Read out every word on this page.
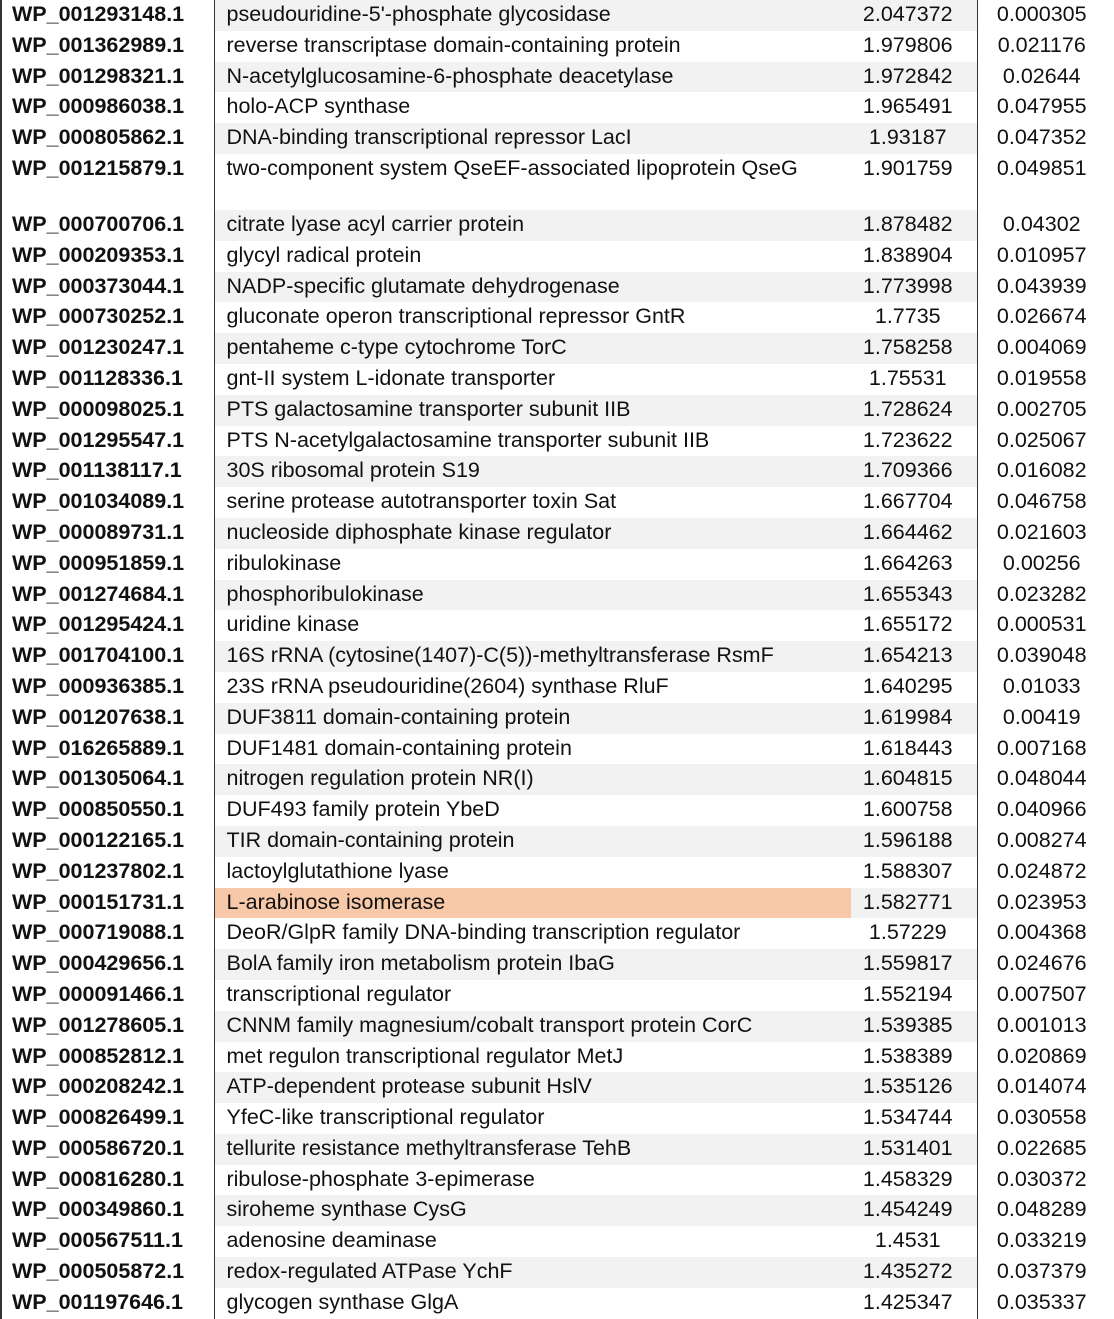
WP_001293148.1	pseudouridine-5'-phosphate glycosidase	2.047372	0.000305
WP_001362989.1	reverse transcriptase domain-containing protein	1.979806	0.021176
WP_001298321.1	N-acetylglucosamine-6-phosphate deacetylase	1.972842	0.02644
WP_000986038.1	holo-ACP synthase	1.965491	0.047955
WP_000805862.1	DNA-binding transcriptional repressor LacI	1.93187	0.047352
WP_001215879.1	two-component system QseEF-associated lipoprotein QseG	1.901759	0.049851
WP_000700706.1	citrate lyase acyl carrier protein	1.878482	0.04302
WP_000209353.1	glycyl radical protein	1.838904	0.010957
WP_000373044.1	NADP-specific glutamate dehydrogenase	1.773998	0.043939
WP_000730252.1	gluconate operon transcriptional repressor GntR	1.7735	0.026674
WP_001230247.1	pentaheme c-type cytochrome TorC	1.758258	0.004069
WP_001128336.1	gnt-II system L-idonate transporter	1.75531	0.019558
WP_000098025.1	PTS galactosamine transporter subunit IIB	1.728624	0.002705
WP_001295547.1	PTS N-acetylgalactosamine transporter subunit IIB	1.723622	0.025067
WP_001138117.1	30S ribosomal protein S19	1.709366	0.016082
WP_001034089.1	serine protease autotransporter toxin Sat	1.667704	0.046758
WP_000089731.1	nucleoside diphosphate kinase regulator	1.664462	0.021603
WP_000951859.1	ribulokinase	1.664263	0.00256
WP_001274684.1	phosphoribulokinase	1.655343	0.023282
WP_001295424.1	uridine kinase	1.655172	0.000531
WP_001704100.1	16S rRNA (cytosine(1407)-C(5))-methyltransferase RsmF	1.654213	0.039048
WP_000936385.1	23S rRNA pseudouridine(2604) synthase RluF	1.640295	0.01033
WP_001207638.1	DUF3811 domain-containing protein	1.619984	0.00419
WP_016265889.1	DUF1481 domain-containing protein	1.618443	0.007168
WP_001305064.1	nitrogen regulation protein NR(I)	1.604815	0.048044
WP_000850550.1	DUF493 family protein YbeD	1.600758	0.040966
WP_000122165.1	TIR domain-containing protein	1.596188	0.008274
WP_001237802.1	lactoylglutathione lyase	1.588307	0.024872
WP_000151731.1	L-arabinose isomerase	1.582771	0.023953
WP_000719088.1	DeoR/GlpR family DNA-binding transcription regulator	1.57229	0.004368
WP_000429656.1	BolA family iron metabolism protein IbaG	1.559817	0.024676
WP_000091466.1	transcriptional regulator	1.552194	0.007507
WP_001278605.1	CNNM family magnesium/cobalt transport protein CorC	1.539385	0.001013
WP_000852812.1	met regulon transcriptional regulator MetJ	1.538389	0.020869
WP_000208242.1	ATP-dependent protease subunit HslV	1.535126	0.014074
WP_000826499.1	YfeC-like transcriptional regulator	1.534744	0.030558
WP_000586720.1	tellurite resistance methyltransferase TehB	1.531401	0.022685
WP_000816280.1	ribulose-phosphate 3-epimerase	1.458329	0.030372
WP_000349860.1	siroheme synthase CysG	1.454249	0.048289
WP_000567511.1	adenosine deaminase	1.4531	0.033219
WP_000505872.1	redox-regulated ATPase YchF	1.435272	0.037379
WP_001197646.1	glycogen synthase GlgA	1.425347	0.035337
